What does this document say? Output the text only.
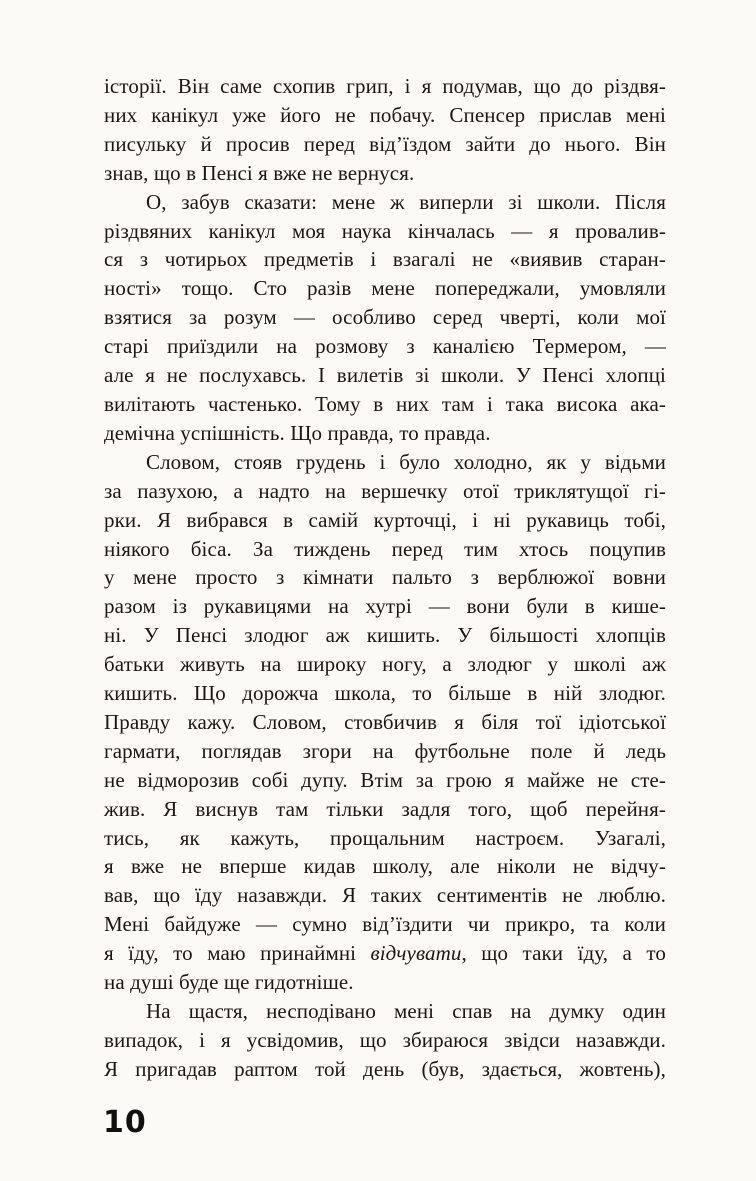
історії. Він саме схопив грип, і я подумав, що до різдвя-
них канікул уже його не побачу. Спенсер прислав мені
писульку й просив перед від’їздом зайти до нього. Він
знав, що в Пенсі я вже не вернуся.

О, забув сказати: мене ж виперли зі школи. Після
різдвяних канікул моя наука кінчалась — я провалив-
ся з чотирьох предметів і взагалі не «виявив старан-
ності» тощо. Сто разів мене попереджали, умовляли
взятися за розум — особливо серед чверті, коли мої
старі приїздили на розмову з каналією Термером, —
але я не послухавсь. І вилетів зі школи. У Пенсі хлопці
вилітають частенько. Тому в них там і така висока ака-
демічна успішність. Що правда, то правда.

Словом, стояв грудень і було холодно, як у відьми
за пазухою, а надто на вершечку отої триклятущої гі-
рки. Я вибрався в самій курточці, і ні рукавиць тобі,
ніякого біса. За тиждень перед тим хтось поцупив
у мене просто з кімнати пальто з верблюжої вовни
разом із рукавицями на хутрі — вони були в кише-
ні. У Пенсі злодюг аж кишить. У більшості хлопців
батьки живуть на широку ногу, а злодюг у школі аж
кишить. Що дорожча школа, то більше в ній злодюг.
Правду кажу. Словом, стовбичив я біля тої ідіотської
гармати, поглядав згори на футбольне поле й ледь
не відморозив собі дупу. Втім за грою я майже не сте-
жив. Я виснув там тільки задля того, щоб перейня-
тись, як кажуть, прощальним настроєм. Узагалі,
я вже не вперше кидав школу, але ніколи не відчу-
вав, що їду назавжди. Я таких сентиментів не люблю.
Мені байдуже — сумно від’їздити чи прикро, та коли
я їду, то маю принаймні відчувати, що таки їду, а то
на душі буде ще гидотніше.

На щастя, несподівано мені спав на думку один
випадок, і я усвідомив, що збираюся звідси назавжди.
Я пригадав раптом той день (був, здається, жовтень),

10
